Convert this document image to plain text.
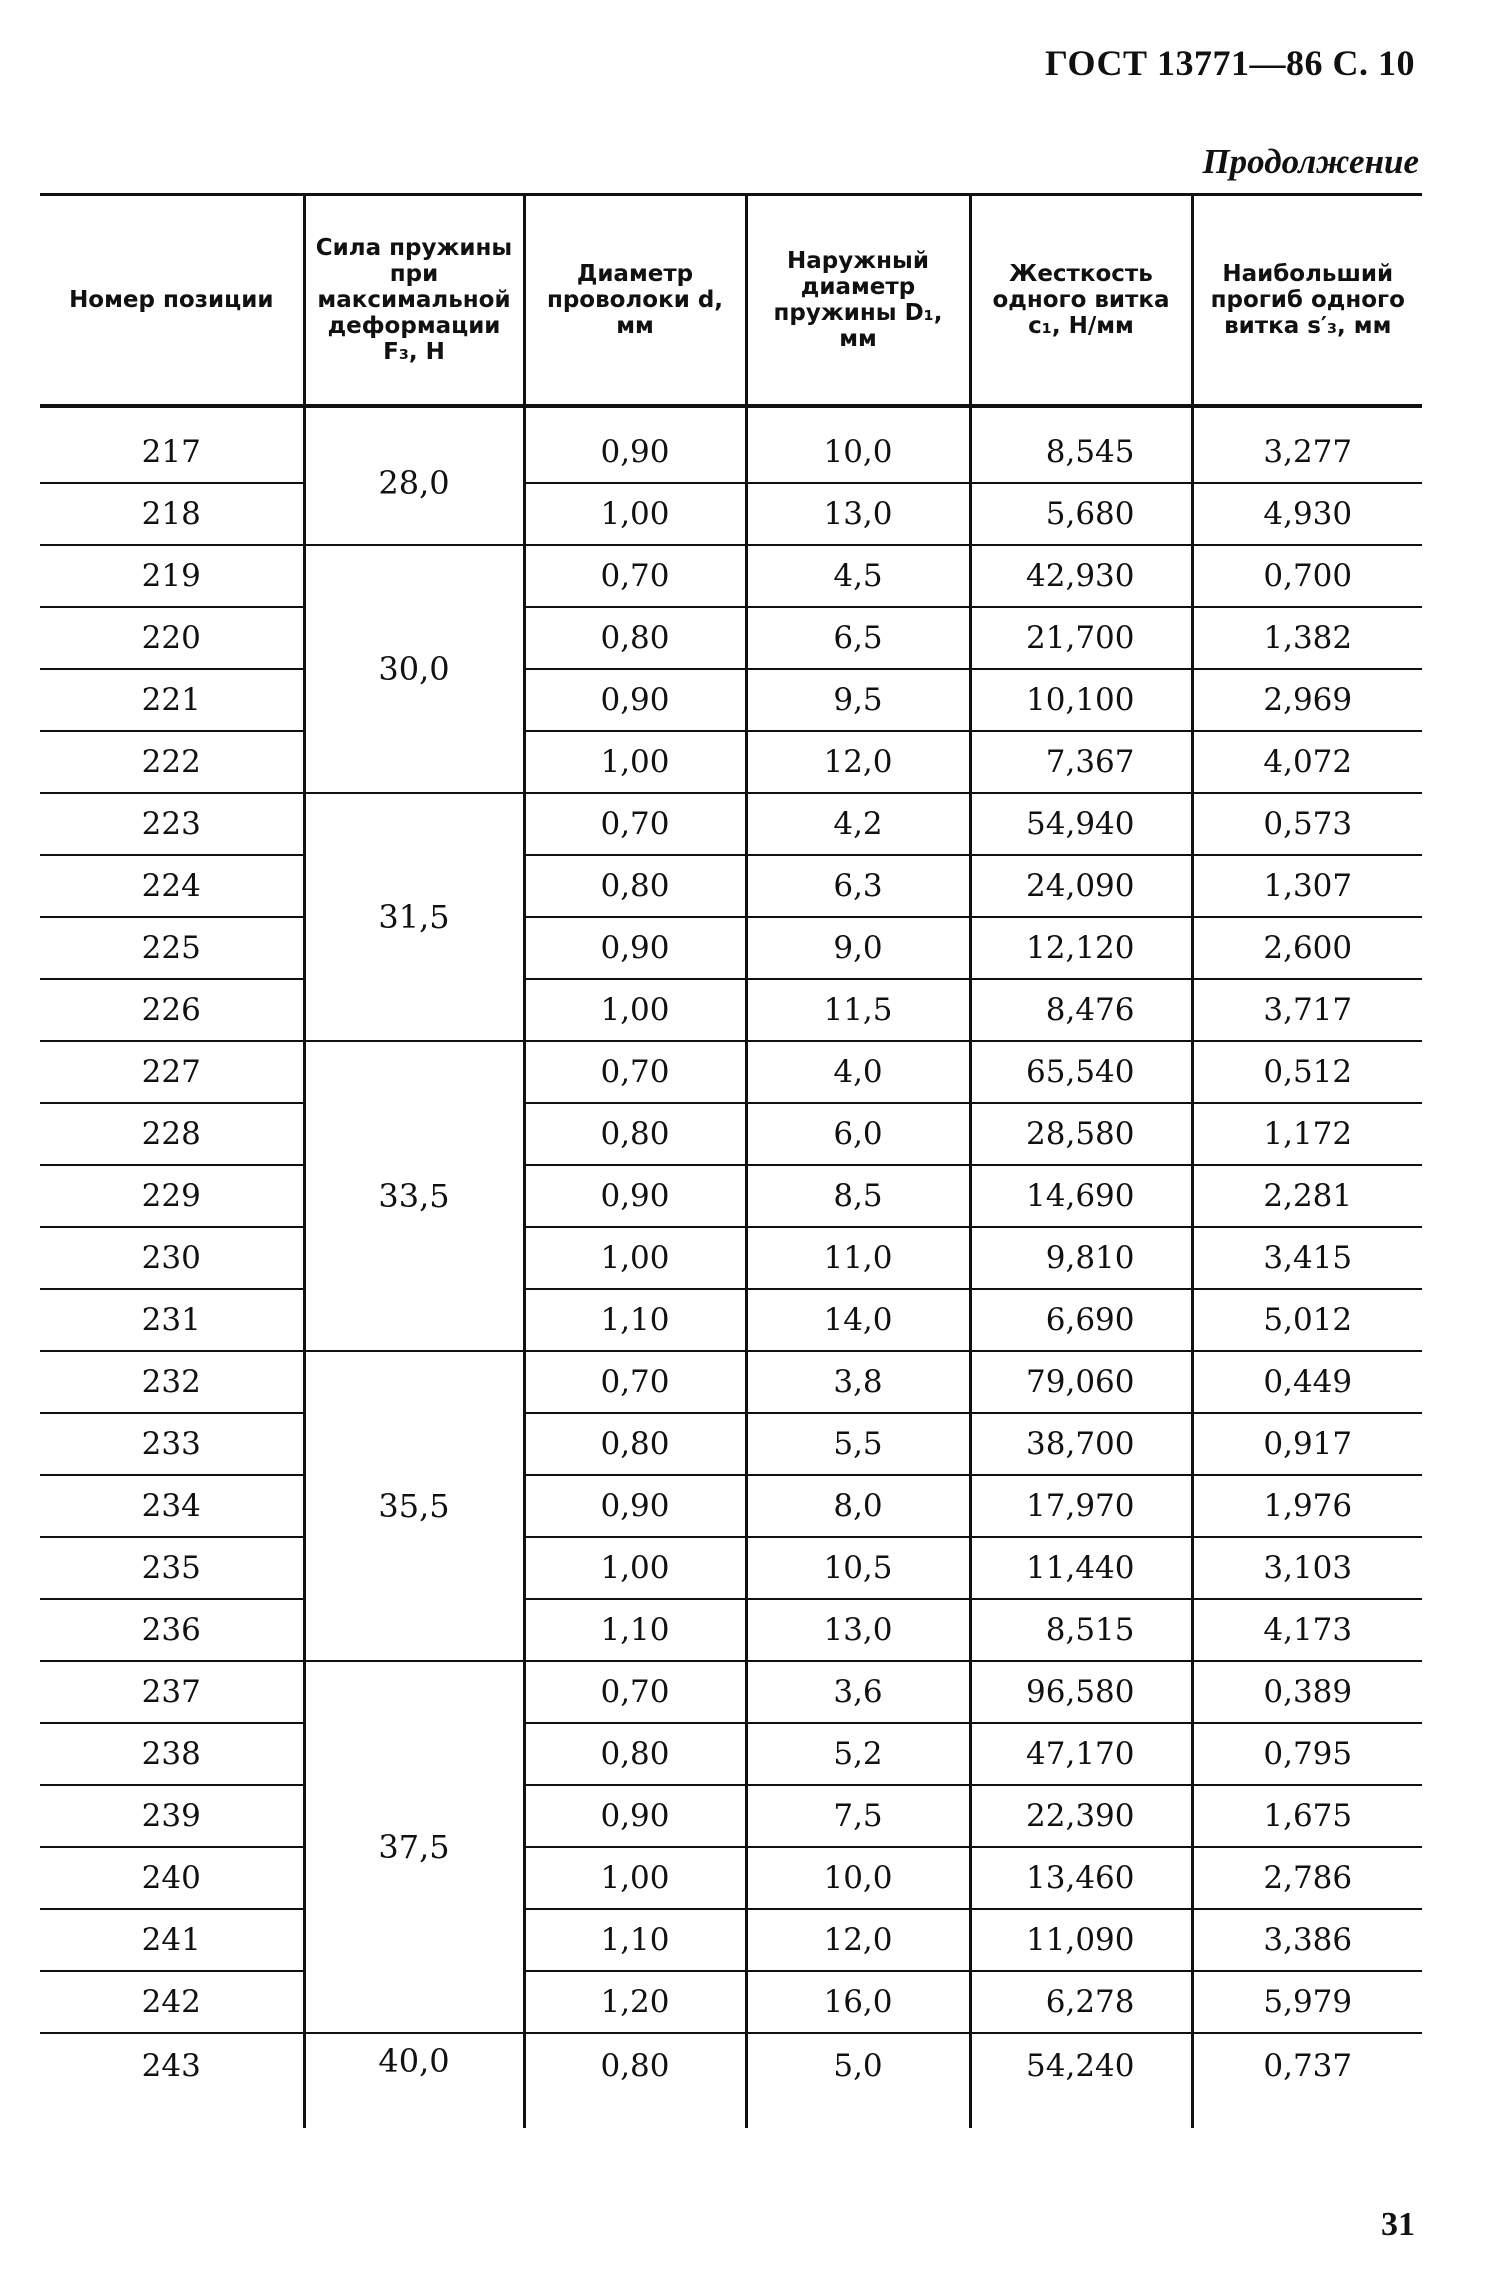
ГОСТ 13771—86 С. 10
Продолжение
Номер позиции	Сила пружины при максимальной деформации F₃, Н	Диаметр проволоки d, мм	Наружный диаметр пружины D₁, мм	Жесткость одного витка c₁, Н/мм	Наибольший прогиб одного витка s′₃, мм
217	28,0	0,90	10,0	8,545	3,277
218		1,00	13,0	5,680	4,930
219	30,0	0,70	4,5	42,930	0,700
220		0,80	6,5	21,700	1,382
221		0,90	9,5	10,100	2,969
222		1,00	12,0	7,367	4,072
223	31,5	0,70	4,2	54,940	0,573
224		0,80	6,3	24,090	1,307
225		0,90	9,0	12,120	2,600
226		1,00	11,5	8,476	3,717
227	33,5	0,70	4,0	65,540	0,512
228		0,80	6,0	28,580	1,172
229		0,90	8,5	14,690	2,281
230		1,00	11,0	9,810	3,415
231		1,10	14,0	6,690	5,012
232	35,5	0,70	3,8	79,060	0,449
233		0,80	5,5	38,700	0,917
234		0,90	8,0	17,970	1,976
235		1,00	10,5	11,440	3,103
236		1,10	13,0	8,515	4,173
237	37,5	0,70	3,6	96,580	0,389
238		0,80	5,2	47,170	0,795
239		0,90	7,5	22,390	1,675
240		1,00	10,0	13,460	2,786
241		1,10	12,0	11,090	3,386
242		1,20	16,0	6,278	5,979
243	40,0	0,80	5,0	54,240	0,737
31
